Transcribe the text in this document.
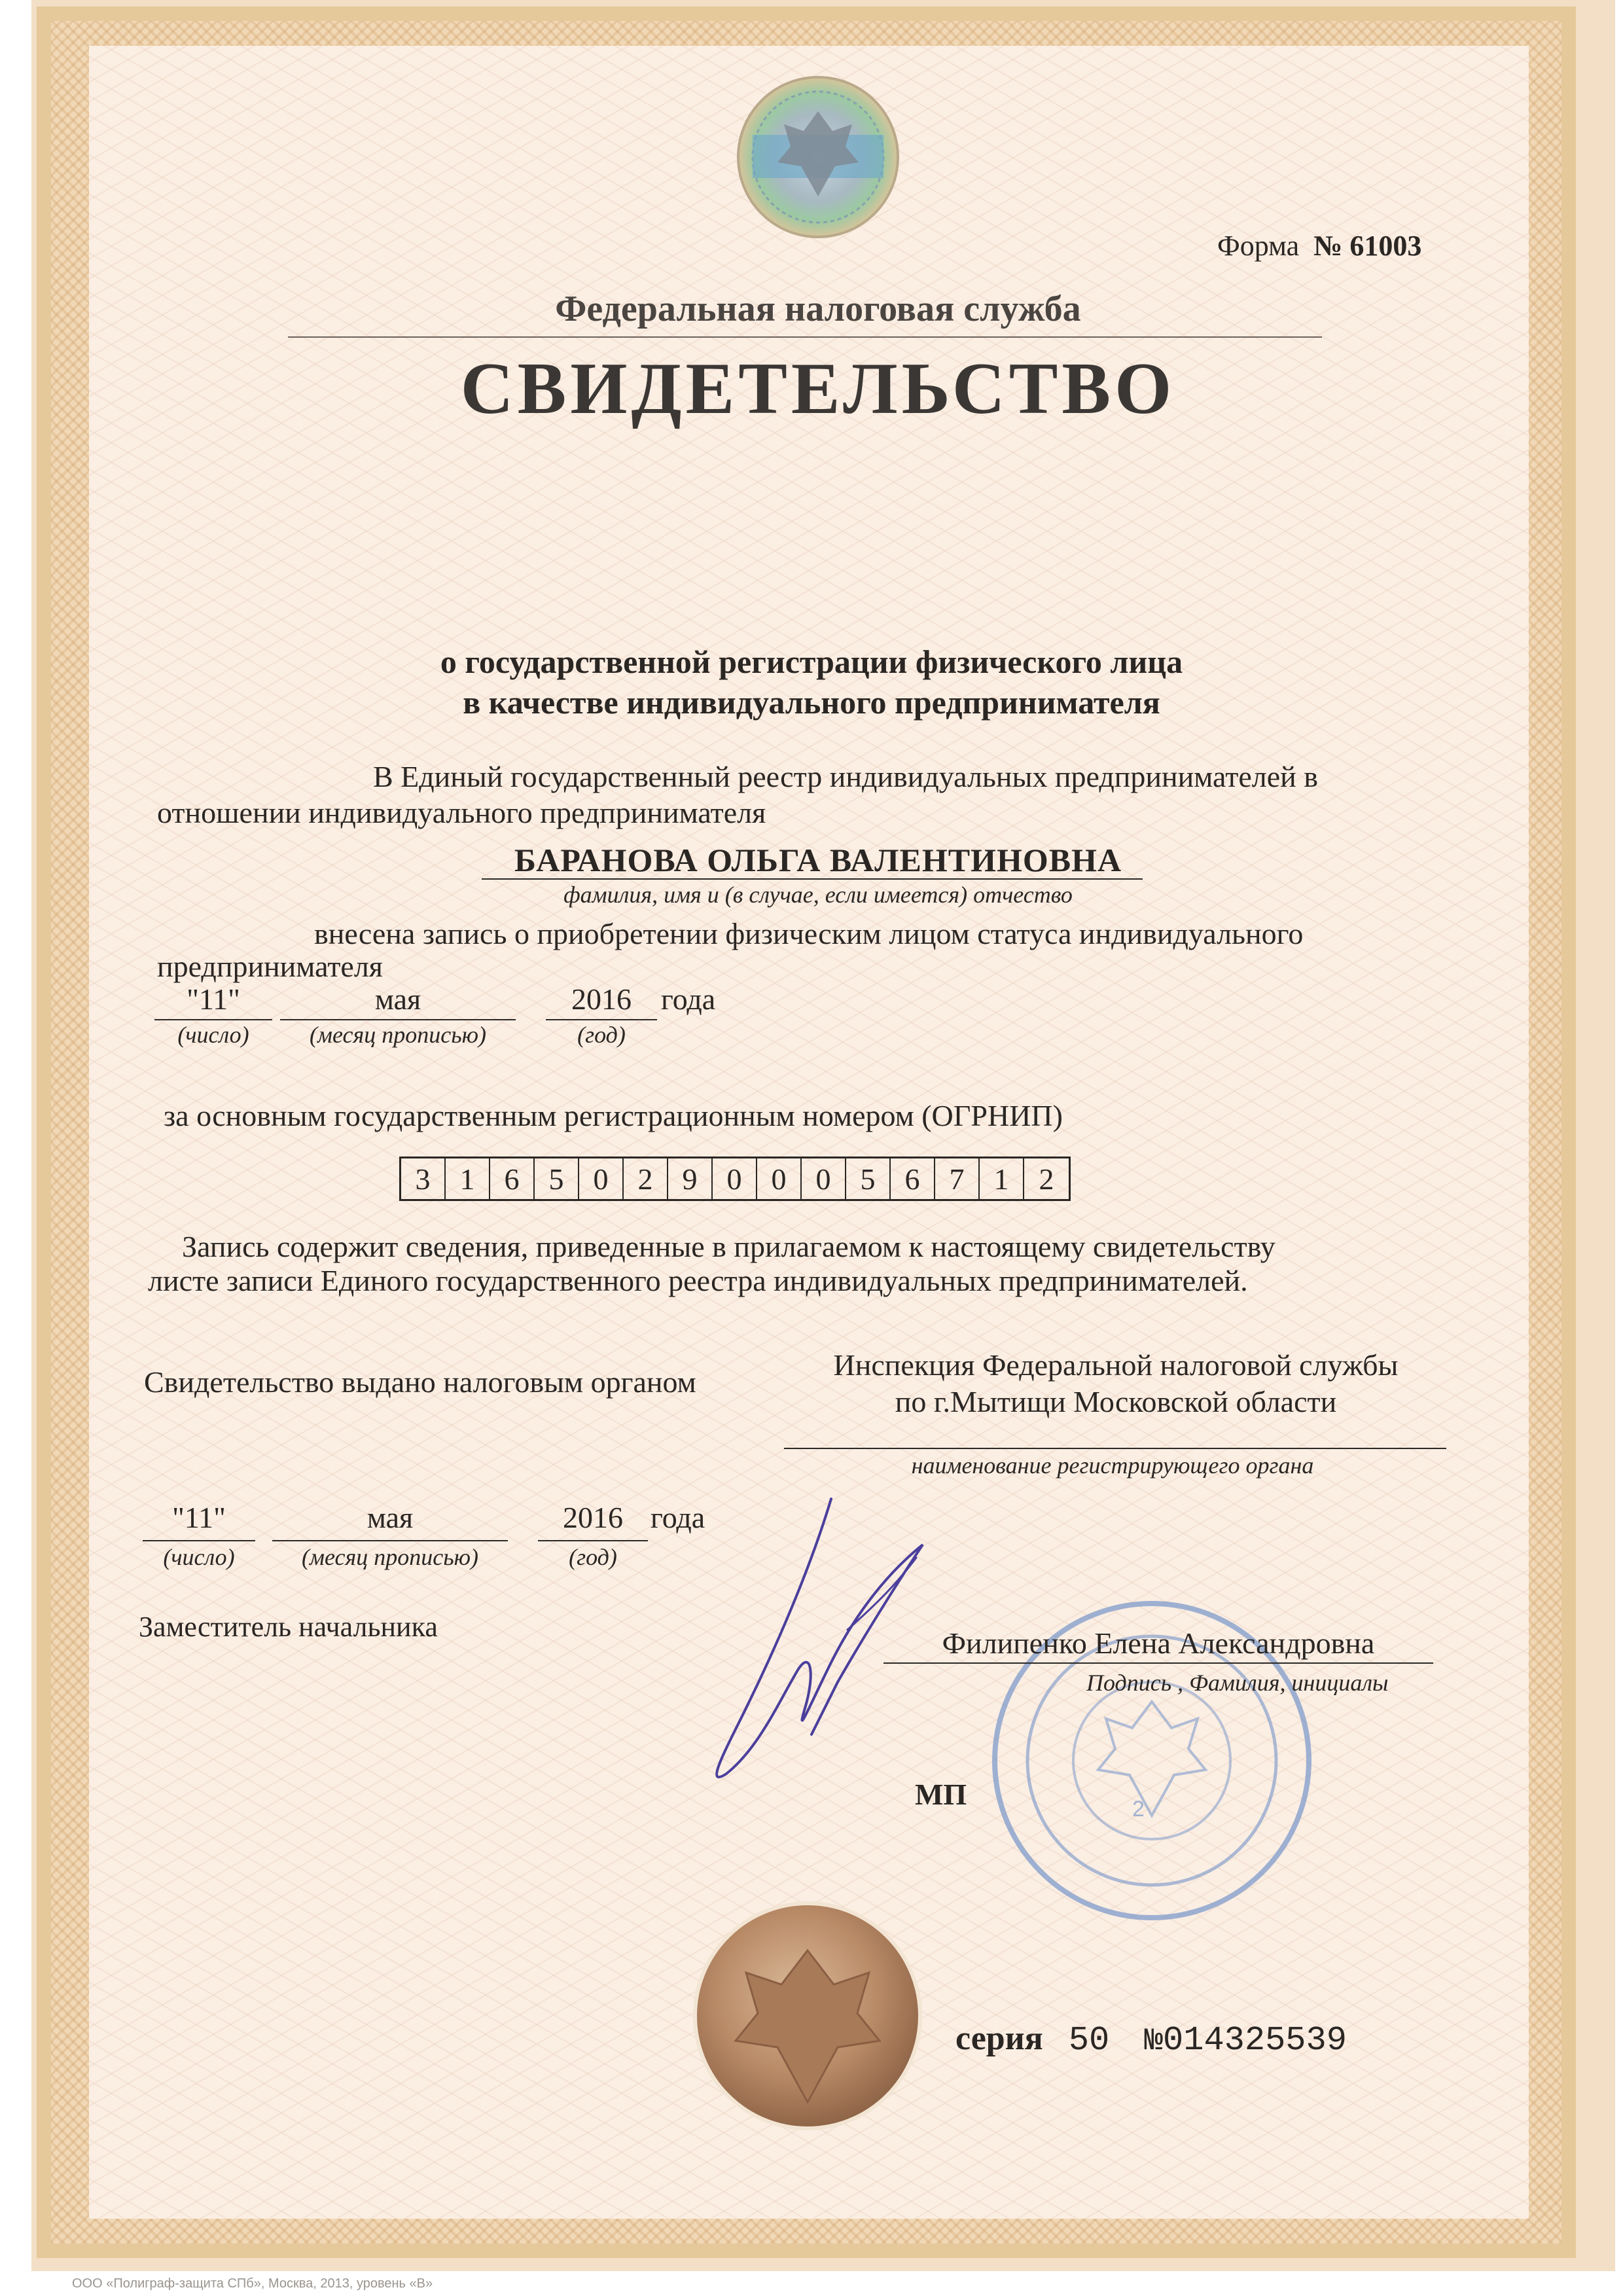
Форма № 61003
Федеральная налоговая служба
СВИДЕТЕЛЬСТВО
о государственной регистрации физического лица
в качестве индивидуального предпринимателя
В Единый государственный реестр индивидуальных предпринимателей в
отношении индивидуального предпринимателя
БАРАНОВА ОЛЬГА ВАЛЕНТИНОВНА
фамилия, имя и (в случае, если имеется) отчество
внесена запись о приобретении физическим лицом статуса индивидуального
предпринимателя
"11"
(число)
мая
(месяц прописью)
2016
(год)
года
за основным государственным регистрационным номером (ОГРНИП)
3 1 6 5 0 2 9 0 0 0 5 6 7 1	2
Запись содержит сведения, приведенные в прилагаемом к настоящему свидетельству
листе записи Единого государственного реестра индивидуальных предпринимателей.
Свидетельство выдано налоговым органом
Инспекция Федеральной налоговой службы
по г.Мытищи Московской области
наименование регистрирующего органа
"11"
(число)
мая
(месяц прописью)
2016
(год)
года
Заместитель начальника
2
Филипенко Елена Александровна
Подпись , Фамилия, инициалы
МП
серия 50 №014325539
ООО «Полиграф-защита СПб», Москва, 2013, уровень «В»
